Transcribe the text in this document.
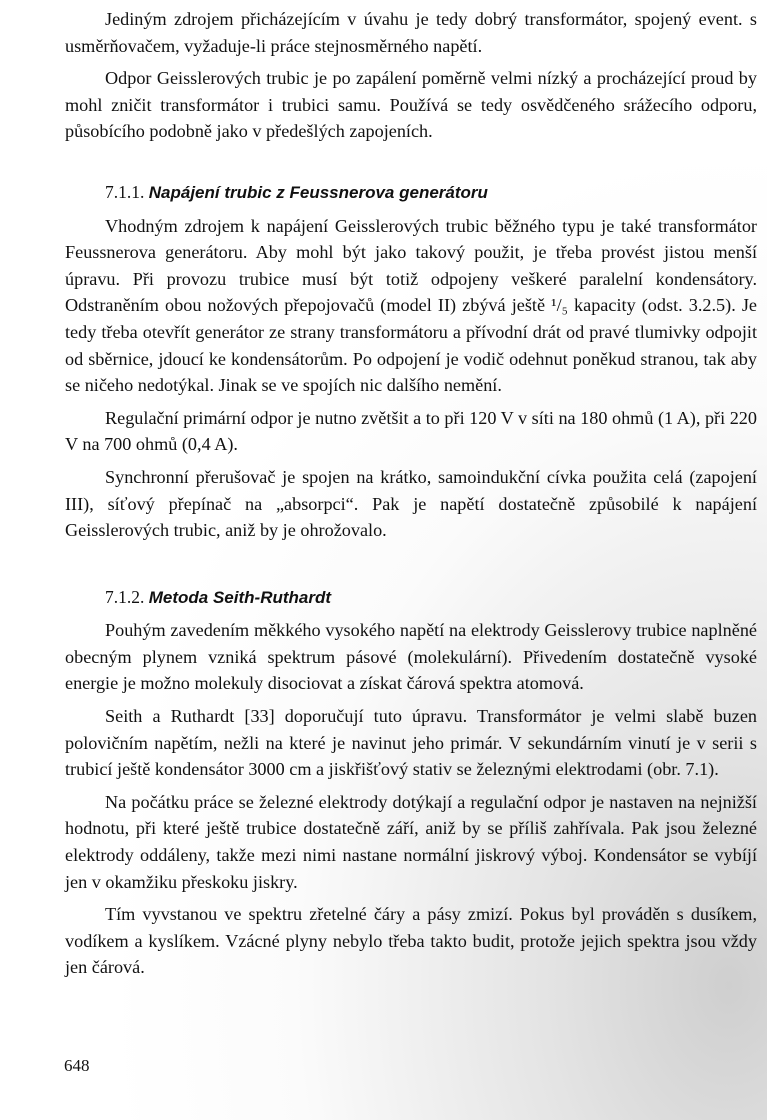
Jediným zdrojem přicházejícím v úvahu je tedy dobrý transformátor, spojený event. s usměrňovačem, vyžaduje-li práce stejnosměrného napětí.

Odpor Geisslerových trubic je po zapálení poměrně velmi nízký a procházející proud by mohl zničit transformátor i trubici samu. Používá se tedy osvědčeného srážecího odporu, působícího podobně jako v předešlých zapojeních.

7.1.1. Napájení trubic z Feussnerova generátoru

Vhodným zdrojem k napájení Geisslerových trubic běžného typu je také transformátor Feussnerova generátoru. Aby mohl být jako takový použit, je třeba provést jistou menší úpravu. Při provozu trubice musí být totiž odpojeny veškeré paralelní kondensátory. Odstraněním obou nožových přepojovačů (model II) zbývá ještě ¹/₅ kapacity (odst. 3.2.5). Je tedy třeba otevřít generátor ze strany transformátoru a přívodní drát od pravé tlumivky odpojit od sběrnice, jdoucí ke kondensátorům. Po odpojení je vodič odehnut poněkud stranou, tak aby se ničeho nedotýkal. Jinak se ve spojích nic dalšího nemění.

Regulační primární odpor je nutno zvětšit a to při 120 V v síti na 180 ohmů (1 A), při 220 V na 700 ohmů (0,4 A).

Synchronní přerušovač je spojen na krátko, samoindukční cívka použita celá (zapojení III), síťový přepínač na „absorpci“. Pak je napětí dostatečně způsobilé k napájení Geisslerových trubic, aniž by je ohrožovalo.

7.1.2. Metoda Seith-Ruthardt

Pouhým zavedením měkkého vysokého napětí na elektrody Geisslerovy trubice naplněné obecným plynem vzniká spektrum pásové (molekulární). Přivedením dostatečně vysoké energie je možno molekuly disociovat a získat čárová spektra atomová.

Seith a Ruthardt [33] doporučují tuto úpravu. Transformátor je velmi slabě buzen polovičním napětím, nežli na které je navinut jeho primár. V sekundárním vinutí je v serii s trubicí ještě kondensátor 3000 cm a jiskřišťový stativ se železnými elektrodami (obr. 7.1).

Na počátku práce se železné elektrody dotýkají a regulační odpor je nastaven na nejnižší hodnotu, při které ještě trubice dostatečně září, aniž by se příliš zahřívala. Pak jsou železné elektrody oddáleny, takže mezi nimi nastane normální jiskrový výboj. Kondensátor se vybíjí jen v okamžiku přeskoku jiskry.

Tím vyvstanou ve spektru zřetelné čáry a pásy zmizí. Pokus byl prováděn s dusíkem, vodíkem a kyslíkem. Vzácné plyny nebylo třeba takto budit, protože jejich spektra jsou vždy jen čárová.

648
